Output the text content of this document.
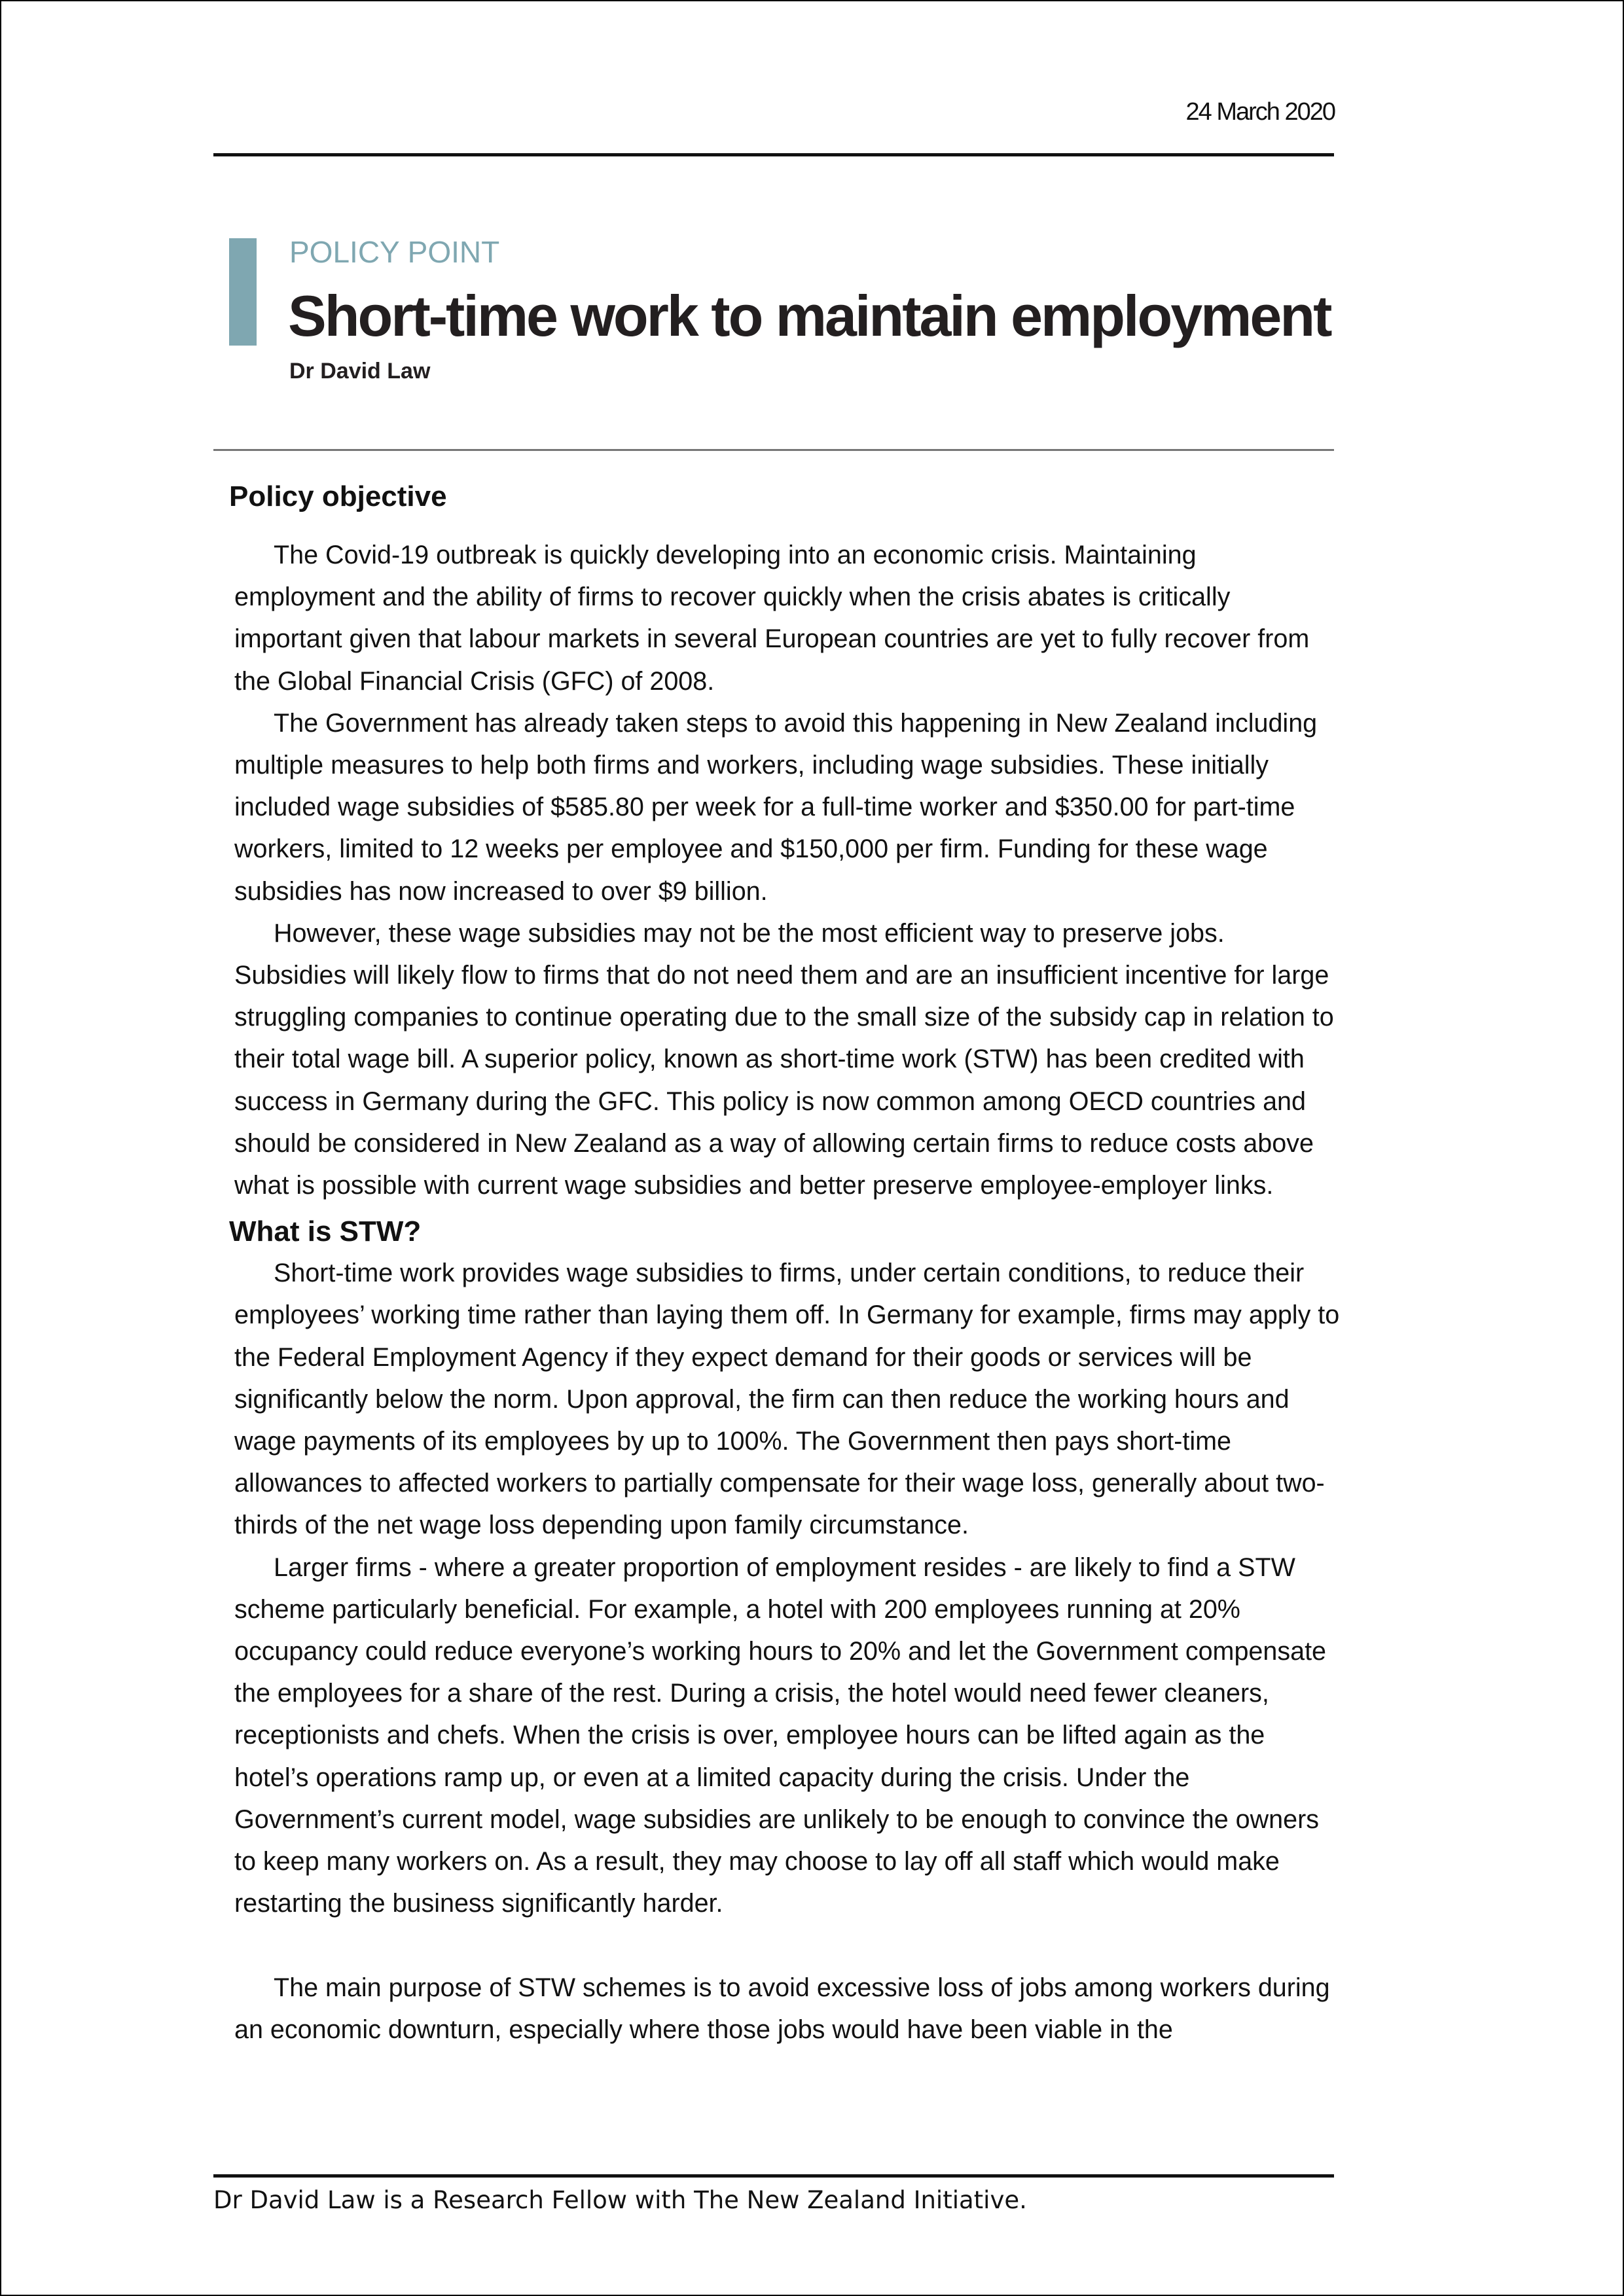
24 March 2020
POLICY POINT
Short-time work to maintain employment
Dr David Law
Policy objective

The Covid-19 outbreak is quickly developing into an economic crisis. Maintaining employment and the ability of firms to recover quickly when the crisis abates is critically important given that labour markets in several European countries are yet to fully recover from the Global Financial Crisis (GFC) of 2008.

The Government has already taken steps to avoid this happening in New Zealand including multiple measures to help both firms and workers, including wage subsidies. These initially included wage subsidies of $585.80 per week for a full-time worker and $350.00 for part-time workers, limited to 12 weeks per employee and $150,000 per firm. Funding for these wage subsidies has now increased to over $9 billion.

However, these wage subsidies may not be the most efficient way to preserve jobs. Subsidies will likely flow to firms that do not need them and are an insufficient incentive for large struggling companies to continue operating due to the small size of the subsidy cap in relation to their total wage bill. A superior policy, known as short-time work (STW) has been credited with success in Germany during the GFC. This policy is now common among OECD countries and should be considered in New Zealand as a way of allowing certain firms to reduce costs above what is possible with current wage subsidies and better preserve employee-employer links.

What is STW?

Short-time work provides wage subsidies to firms, under certain conditions, to reduce their employees’ working time rather than laying them off. In Germany for example, firms may apply to the Federal Employment Agency if they expect demand for their goods or services will be significantly below the norm. Upon approval, the firm can then reduce the working hours and wage payments of its employees by up to 100%. The Government then pays short-time allowances to affected workers to partially compensate for their wage loss, generally about two-thirds of the net wage loss depending upon family circumstance.

Larger firms - where a greater proportion of employment resides - are likely to find a STW scheme particularly beneficial. For example, a hotel with 200 employees running at 20% occupancy could reduce everyone’s working hours to 20% and let the Government compensate the employees for a share of the rest. During a crisis, the hotel would need fewer cleaners, receptionists and chefs. When the crisis is over, employee hours can be lifted again as the hotel’s operations ramp up, or even at a limited capacity during the crisis. Under the Government’s current model, wage subsidies are unlikely to be enough to convince the owners to keep many workers on. As a result, they may choose to lay off all staff which would make restarting the business significantly harder.

The main purpose of STW schemes is to avoid excessive loss of jobs among workers during an economic downturn, especially where those jobs would have been viable in the

Dr David Law is a Research Fellow with The New Zealand Initiative.
